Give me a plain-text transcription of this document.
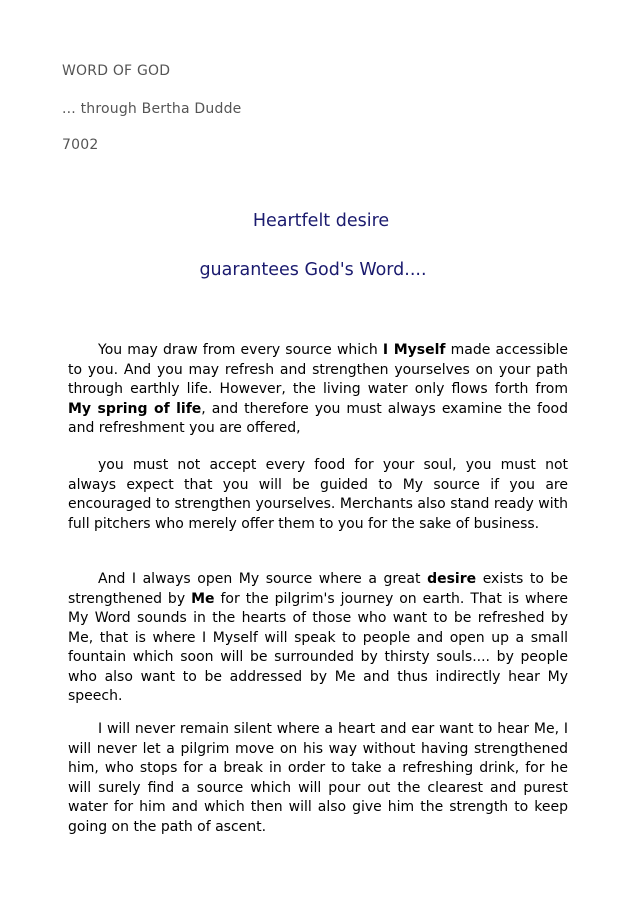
WORD OF GOD
... through Bertha Dudde
7002
Heartfelt desire
guarantees God's Word....

You may draw from every source which I Myself made accessible to you. And you may refresh and strengthen yourselves on your path through earthly life. However, the living water only flows forth from My spring of life, and therefore you must always examine the food and refreshment you are offered,

you must not accept every food for your soul, you must not always expect that you will be guided to My source if you are encouraged to strengthen yourselves. Merchants also stand ready with full pitchers who merely offer them to you for the sake of business.

And I always open My source where a great desire exists to be strengthened by Me for the pilgrim's journey on earth. That is where My Word sounds in the hearts of those who want to be refreshed by Me, that is where I Myself will speak to people and open up a small fountain which soon will be surrounded by thirsty souls.... by people who also want to be addressed by Me and thus indirectly hear My speech.

I will never remain silent where a heart and ear want to hear Me, I will never let a pilgrim move on his way without having strengthened him, who stops for a break in order to take a refreshing drink, for he will surely find a source which will pour out the clearest and purest water for him and which then will also give him the strength to keep going on the path of ascent.
